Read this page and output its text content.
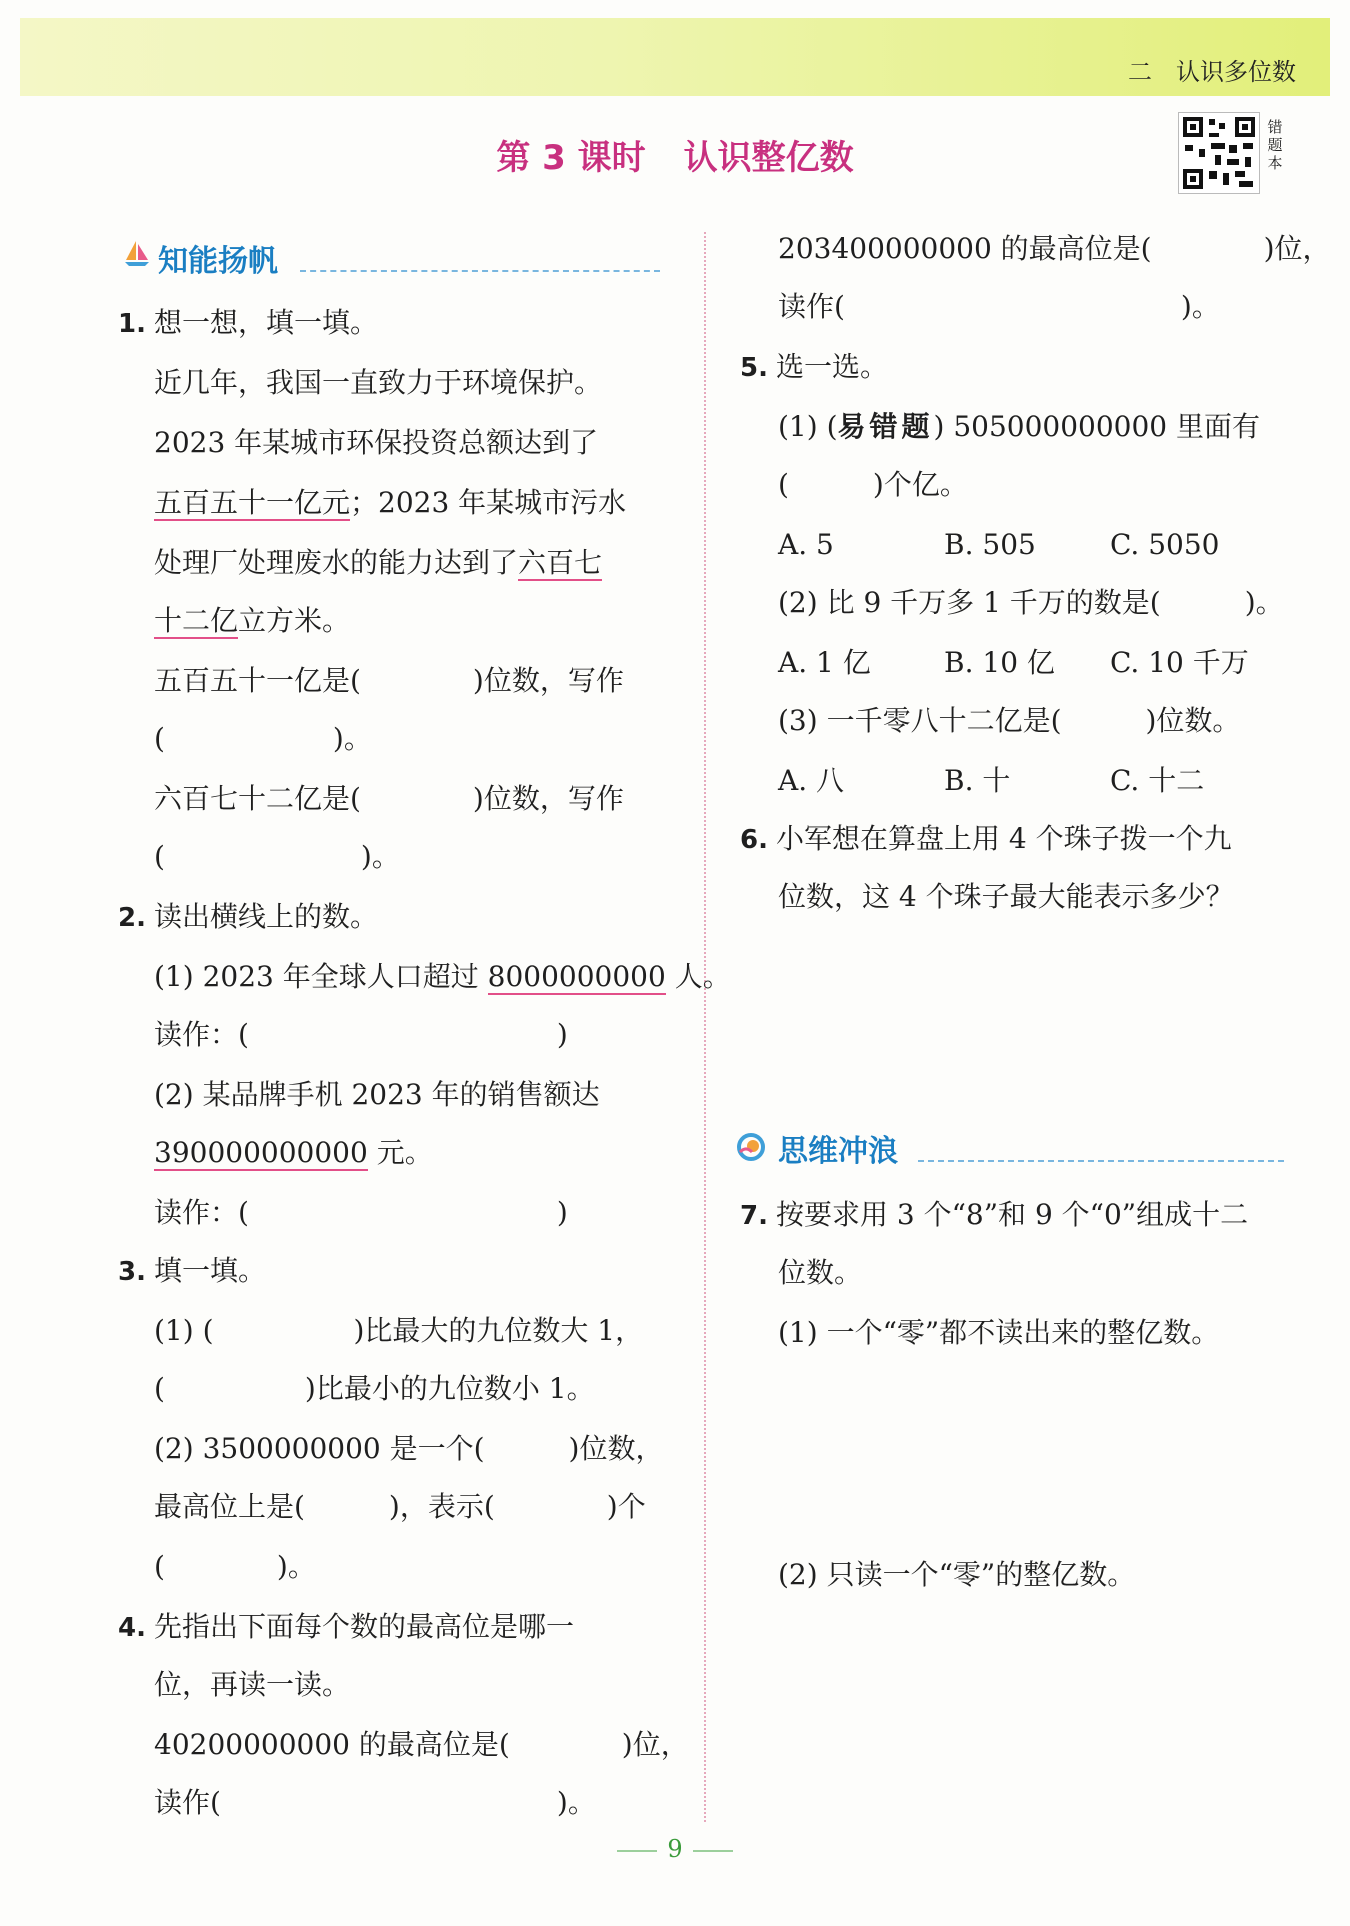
二　认识多位数
第 3 课时 认识整亿数
错题本
知能扬帆
1. 想一想，填一填。
近几年，我国一直致力于环境保护。
2023 年某城市环保投资总额达到了
五百五十一亿元；2023 年某城市污水
处理厂处理废水的能力达到了六百七
十二亿立方米。
五百五十一亿是(　　　　)位数，写作
(　　　　　　)。
六百七十二亿是(　　　　)位数，写作
(　　　　　　　)。
2. 读出横线上的数。
(1) 2023 年全球人口超过 8000000000 人。
读作：(　　　　　　　　　　　)
(2) 某品牌手机 2023 年的销售额达
390000000000 元。
读作：(　　　　　　　　　　　)
3. 填一填。
(1) (　　　　　)比最大的九位数大 1，
(　　　　　)比最小的九位数小 1。
(2) 3500000000 是一个(　　　)位数，
最高位上是(　　　)，表示(　　　　)个
(　　　　)。
4. 先指出下面每个数的最高位是哪一
位，再读一读。
40200000000 的最高位是(　　　　)位，
读作(　　　　　　　　　　　　)。
203400000000 的最高位是(　　　　)位，
读作(　　　　　　　　　　　　)。
5. 选一选。
(1) (易错题) 505000000000 里面有
(　　　)个亿。
A. 5	B. 505	C. 5050
(2) 比 9 千万多 1 千万的数是(　　　)。
A. 1 亿	B. 10 亿 C. 10 千万
(3) 一千零八十二亿是(　　　)位数。
A. 八	B. 十	C. 十二
6. 小军想在算盘上用 4 个珠子拨一个九
位数，这 4 个珠子最大能表示多少？
思维冲浪
7. 按要求用 3 个“8”和 9 个“0”组成十二
位数。
(1) 一个“零”都不读出来的整亿数。
(2) 只读一个“零”的整亿数。
9
